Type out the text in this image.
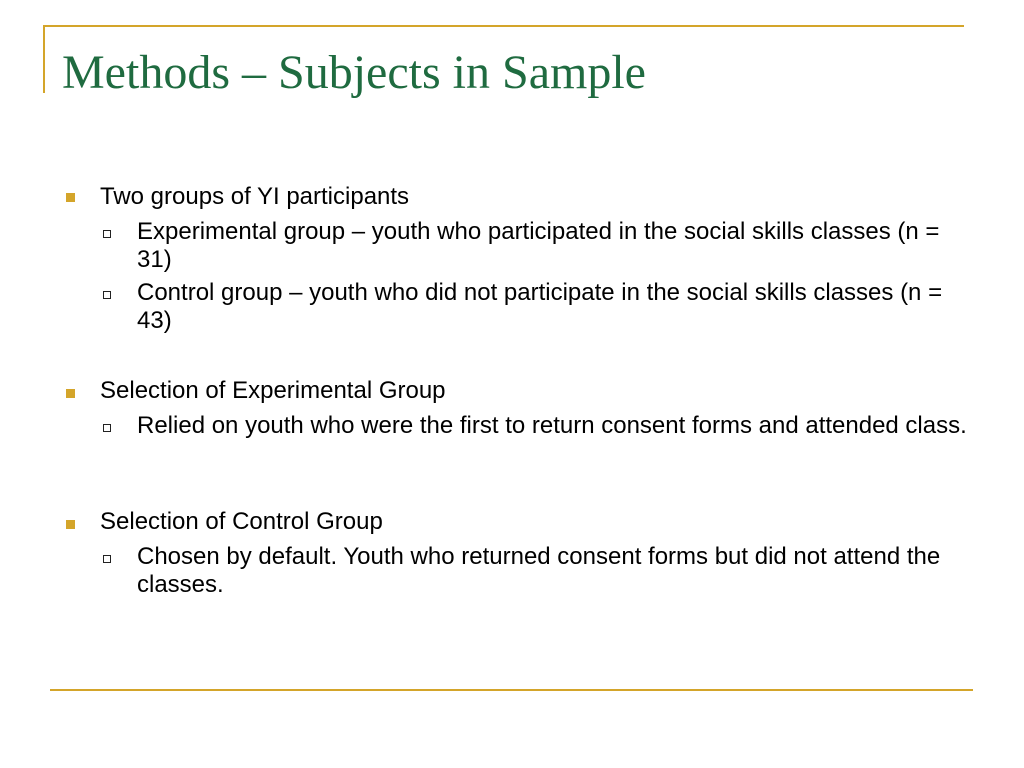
Methods – Subjects in Sample
Two groups of YI participants
Experimental group – youth who participated in the social skills classes (n = 31)
Control group – youth who did not participate in the social skills classes (n = 43)
Selection of Experimental Group
Relied on youth who were the first to return consent forms and attended class.
Selection of Control Group
Chosen by default. Youth who returned consent forms but did not attend the classes.
